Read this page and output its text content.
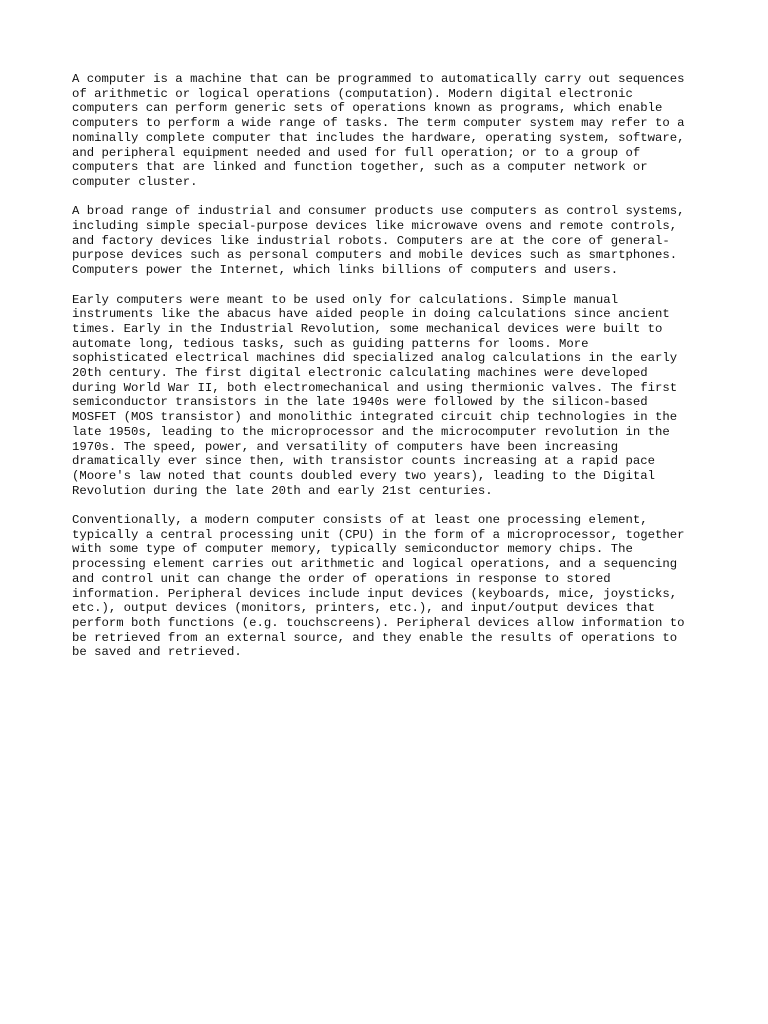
A computer is a machine that can be programmed to automatically carry out sequences
of arithmetic or logical operations (computation). Modern digital electronic
computers can perform generic sets of operations known as programs, which enable
computers to perform a wide range of tasks. The term computer system may refer to a
nominally complete computer that includes the hardware, operating system, software,
and peripheral equipment needed and used for full operation; or to a group of
computers that are linked and function together, such as a computer network or
computer cluster.

A broad range of industrial and consumer products use computers as control systems,
including simple special-purpose devices like microwave ovens and remote controls,
and factory devices like industrial robots. Computers are at the core of general-
purpose devices such as personal computers and mobile devices such as smartphones.
Computers power the Internet, which links billions of computers and users.

Early computers were meant to be used only for calculations. Simple manual
instruments like the abacus have aided people in doing calculations since ancient
times. Early in the Industrial Revolution, some mechanical devices were built to
automate long, tedious tasks, such as guiding patterns for looms. More
sophisticated electrical machines did specialized analog calculations in the early
20th century. The first digital electronic calculating machines were developed
during World War II, both electromechanical and using thermionic valves. The first
semiconductor transistors in the late 1940s were followed by the silicon-based
MOSFET (MOS transistor) and monolithic integrated circuit chip technologies in the
late 1950s, leading to the microprocessor and the microcomputer revolution in the
1970s. The speed, power, and versatility of computers have been increasing
dramatically ever since then, with transistor counts increasing at a rapid pace
(Moore's law noted that counts doubled every two years), leading to the Digital
Revolution during the late 20th and early 21st centuries.

Conventionally, a modern computer consists of at least one processing element,
typically a central processing unit (CPU) in the form of a microprocessor, together
with some type of computer memory, typically semiconductor memory chips. The
processing element carries out arithmetic and logical operations, and a sequencing
and control unit can change the order of operations in response to stored
information. Peripheral devices include input devices (keyboards, mice, joysticks,
etc.), output devices (monitors, printers, etc.), and input/output devices that
perform both functions (e.g. touchscreens). Peripheral devices allow information to
be retrieved from an external source, and they enable the results of operations to
be saved and retrieved.
